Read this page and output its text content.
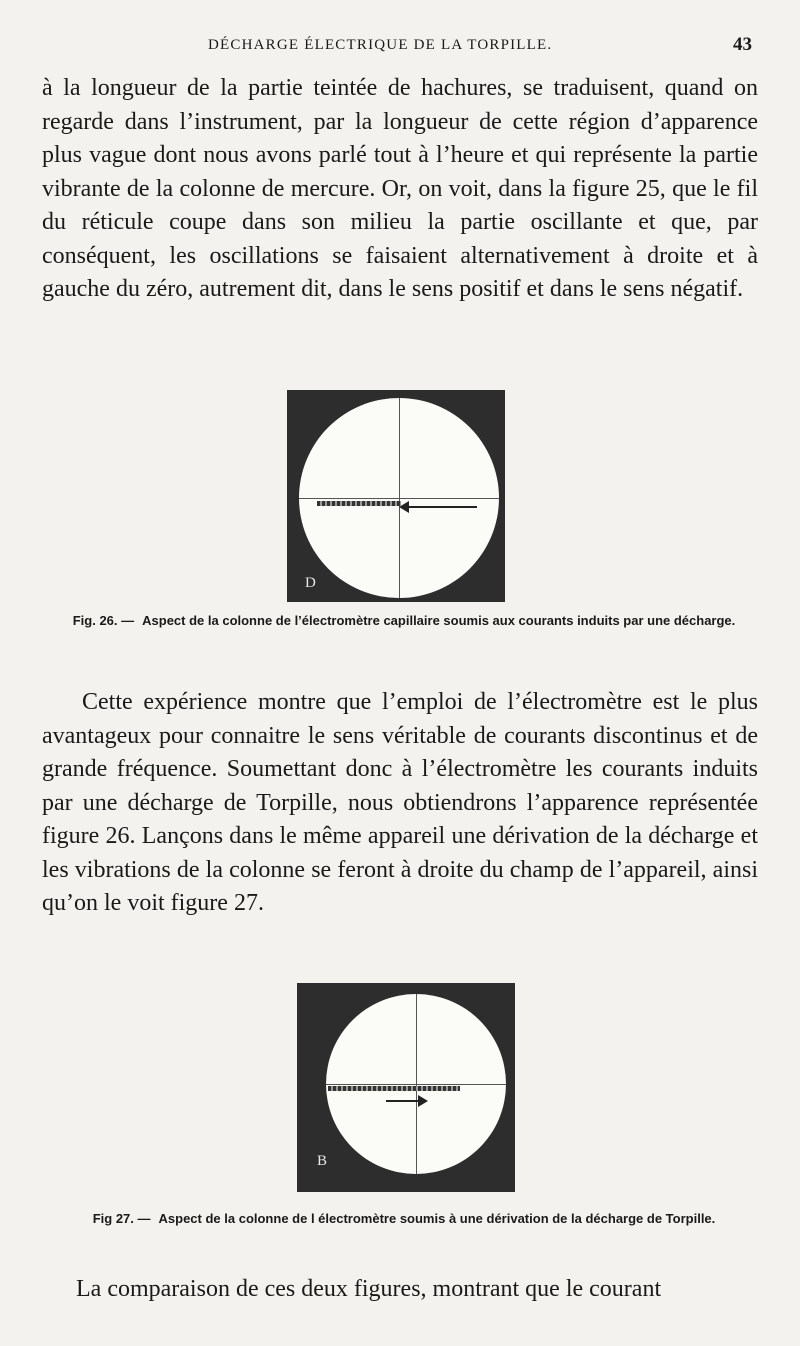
DÉCHARGE ÉLECTRIQUE DE LA TORPILLE.	43

à la longueur de la partie teintée de hachures, se traduisent, quand on regarde dans l’instrument, par la longueur de cette région d’apparence plus vague dont nous avons parlé tout à l’heure et qui représente la partie vibrante de la colonne de mercure. Or, on voit, dans la figure 25, que le fil du réticule coupe dans son milieu la partie oscillante et que, par conséquent, les oscillations se faisaient alternativement à droite et à gauche du zéro, autrement dit, dans le sens positif et dans le sens négatif.

D
Fig. 26. — Aspect de la colonne de l’électromètre capillaire soumis aux courants induits par une décharge.

Cette expérience montre que l’emploi de l’électromètre est le plus avantageux pour connaitre le sens véritable de courants discontinus et de grande fréquence. Soumettant donc à l’électromètre les courants induits par une décharge de Torpille, nous obtiendrons l’apparence représentée figure 26. Lançons dans le même appareil une dérivation de la décharge et les vibrations de la colonne se feront à droite du champ de l’appareil, ainsi qu’on le voit figure 27.

B
Fig 27. — Aspect de la colonne de l électromètre soumis à une dérivation de la décharge de Torpille.

La comparaison de ces deux figures, montrant que le courant
